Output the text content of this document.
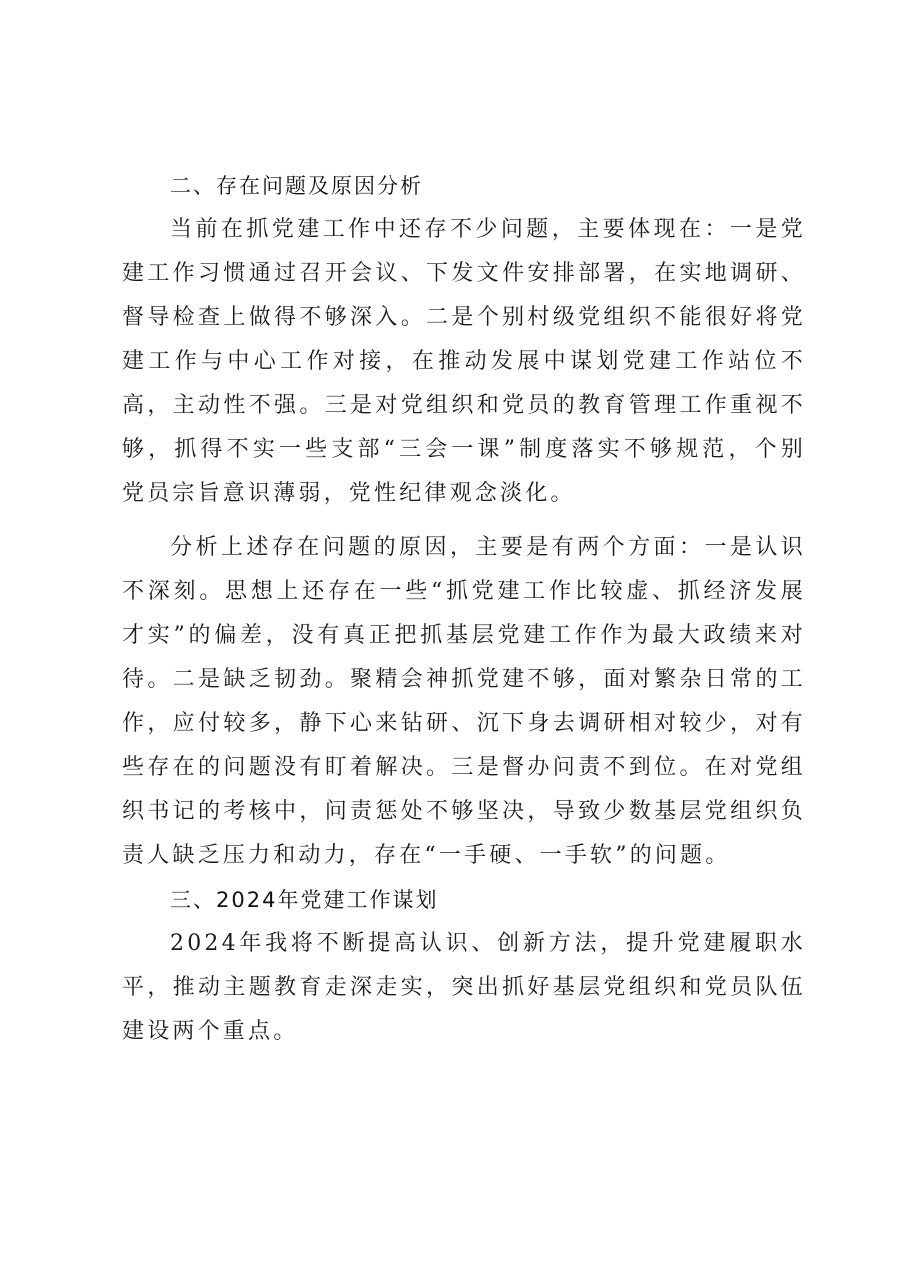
二、存在问题及原因分析

当前在抓党建工作中还存不少问题，主要体现在：一是党建工作习惯通过召开会议、下发文件安排部署，在实地调研、督导检查上做得不够深入。二是个别村级党组织不能很好将党建工作与中心工作对接，在推动发展中谋划党建工作站位不高，主动性不强。三是对党组织和党员的教育管理工作重视不够，抓得不实一些支部“三会一课”制度落实不够规范，个别党员宗旨意识薄弱，党性纪律观念淡化。

分析上述存在问题的原因，主要是有两个方面：一是认识不深刻。思想上还存在一些“抓党建工作比较虚、抓经济发展才实”的偏差，没有真正把抓基层党建工作作为最大政绩来对待。二是缺乏韧劲。聚精会神抓党建不够，面对繁杂日常的工作，应付较多，静下心来钻研、沉下身去调研相对较少，对有些存在的问题没有盯着解决。三是督办问责不到位。在对党组织书记的考核中，问责惩处不够坚决，导致少数基层党组织负责人缺乏压力和动力，存在“一手硬、一手软”的问题。

三、2024年党建工作谋划

2024年我将不断提高认识、创新方法，提升党建履职水平，推动主题教育走深走实，突出抓好基层党组织和党员队伍建设两个重点。
